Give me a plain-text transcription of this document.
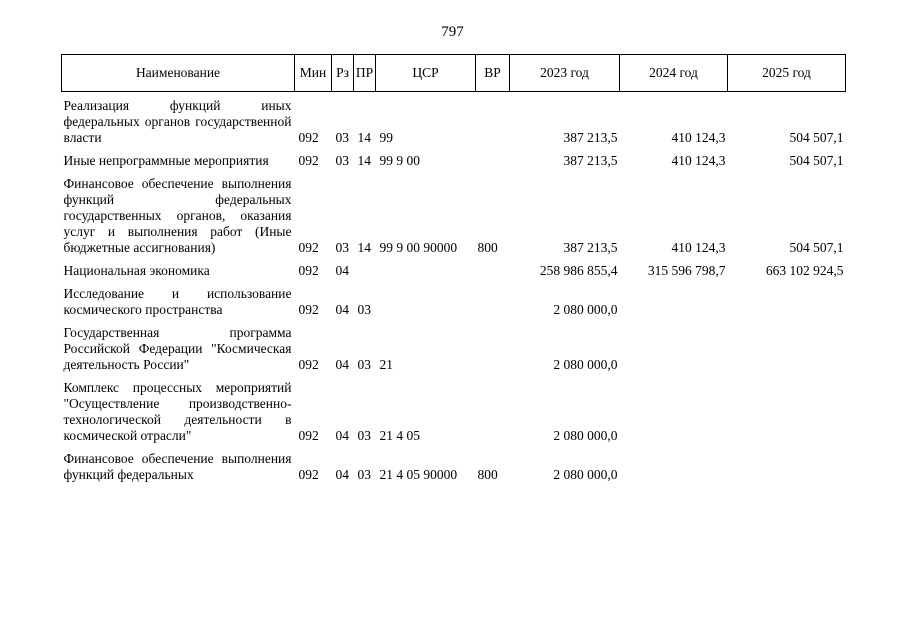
797
Наименование	Мин	Рз	ПР	ЦСР	ВР	2023 год	2024 год	2025 год
Реализация функций иных федеральных органов государственной власти	092	03	14	99		387 213,5	410 124,3	504 507,1
Иные непрограммные мероприятия	092	03	14	99 9 00		387 213,5	410 124,3	504 507,1
Финансовое обеспечение выполнения функций федеральных государственных органов, оказания услуг и выполнения работ (Иные бюджетные ассигнования)	092	03	14	99 9 00 90000	800	387 213,5	410 124,3	504 507,1
Национальная экономика	092	04				258 986 855,4	315 596 798,7	663 102 924,5
Исследование и использование космического пространства	092	04	03			2 080 000,0		
Государственная программа Российской Федерации "Космическая деятельность России"	092	04	03	21		2 080 000,0		
Комплекс процессных мероприятий "Осуществление производственно-технологической деятельности в космической отрасли"	092	04	03	21 4 05		2 080 000,0		
Финансовое обеспечение выполнения функций федеральных	092	04	03	21 4 05 90000	800	2 080 000,0		
